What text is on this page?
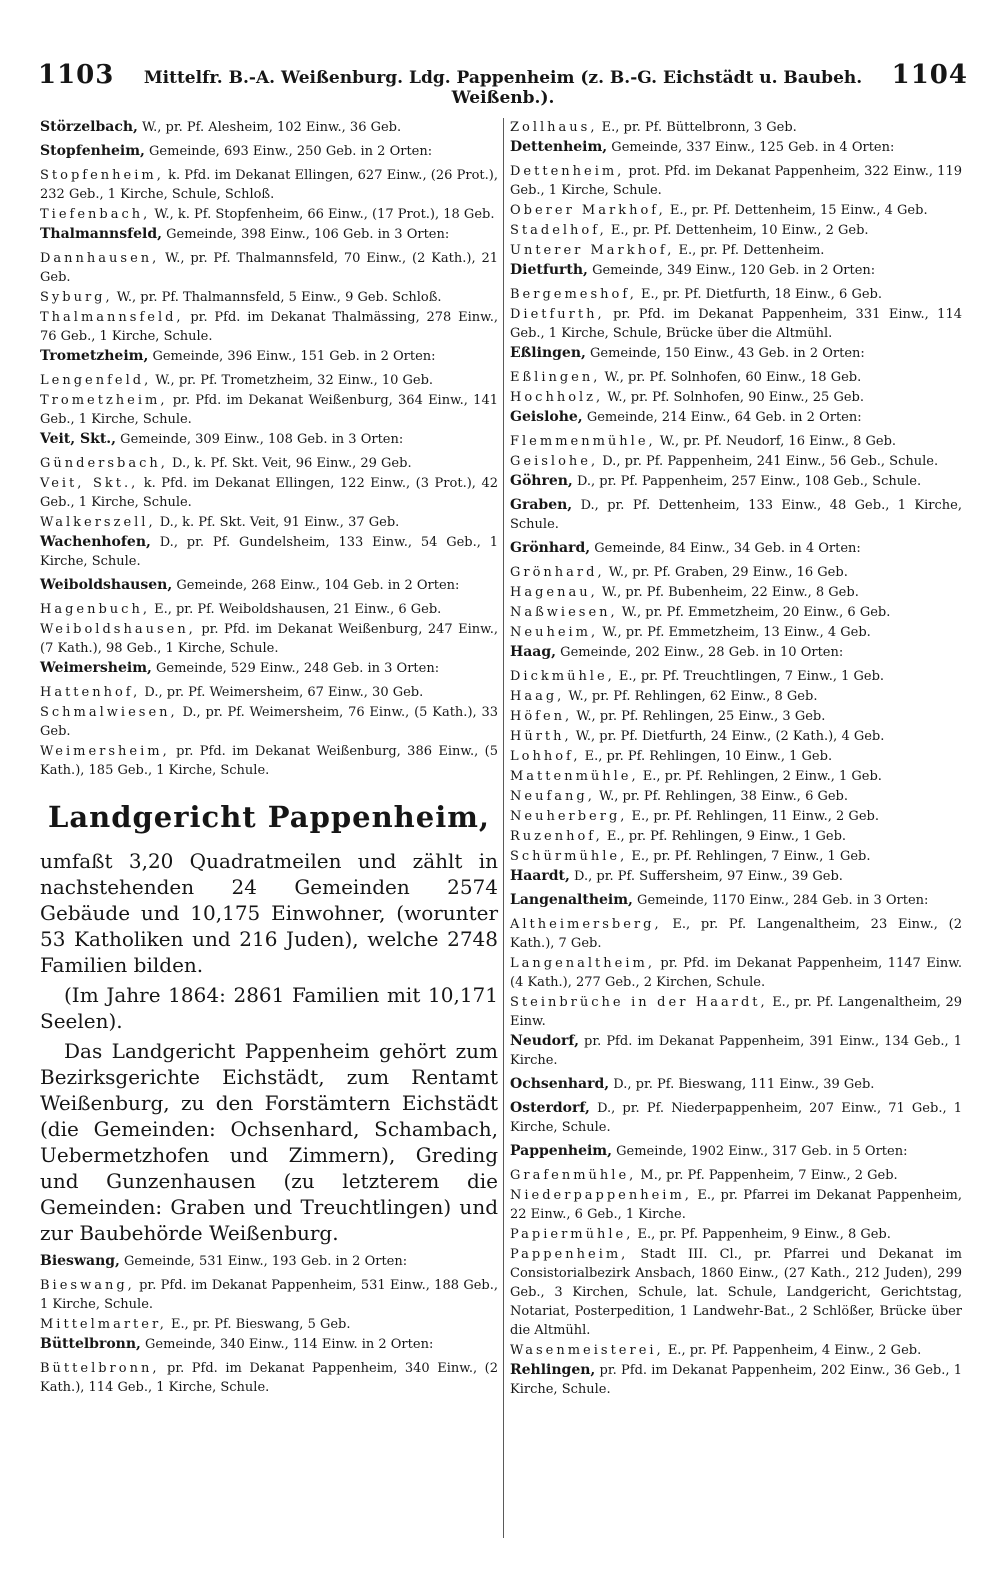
1103	Mittelfr. B.-A. Weißenburg. Ldg. Pappenheim (z. B.-G. Eichstädt u. Baubeh. Weißenb.).
1104

Störzelbach, W., pr. Pf. Alesheim, 102 Einw., 36 Geb.

Stopfenheim, Gemeinde, 693 Einw., 250 Geb. in 2 Orten:

Stopfenheim, k. Pfd. im Dekanat Ellingen, 627 Einw., (26 Prot.), 232 Geb., 1 Kirche, Schule, Schloß.

Tiefenbach, W., k. Pf. Stopfenheim, 66 Einw., (17 Prot.), 18 Geb.

Thalmannsfeld, Gemeinde, 398 Einw., 106 Geb. in 3 Orten:

Dannhausen, W., pr. Pf. Thalmannsfeld, 70 Einw., (2 Kath.), 21 Geb.

Syburg, W., pr. Pf. Thalmannsfeld, 5 Einw., 9 Geb. Schloß.

Thalmannsfeld, pr. Pfd. im Dekanat Thalmässing, 278 Einw., 76 Geb., 1 Kirche, Schule.

Trometzheim, Gemeinde, 396 Einw., 151 Geb. in 2 Orten:

Lengenfeld, W., pr. Pf. Trometzheim, 32 Einw., 10 Geb.

Trometzheim, pr. Pfd. im Dekanat Weißenburg, 364 Einw., 141 Geb., 1 Kirche, Schule.

Veit, Skt., Gemeinde, 309 Einw., 108 Geb. in 3 Orten:

Gündersbach, D., k. Pf. Skt. Veit, 96 Einw., 29 Geb.

Veit, Skt., k. Pfd. im Dekanat Ellingen, 122 Einw., (3 Prot.), 42 Geb., 1 Kirche, Schule.

Walkerszell, D., k. Pf. Skt. Veit, 91 Einw., 37 Geb.

Wachenhofen, D., pr. Pf. Gundelsheim, 133 Einw., 54 Geb., 1 Kirche, Schule.

Weiboldshausen, Gemeinde, 268 Einw., 104 Geb. in 2 Orten:

Hagenbuch, E., pr. Pf. Weiboldshausen, 21 Einw., 6 Geb.

Weiboldshausen, pr. Pfd. im Dekanat Weißenburg, 247 Einw., (7 Kath.), 98 Geb., 1 Kirche, Schule.

Weimersheim, Gemeinde, 529 Einw., 248 Geb. in 3 Orten:

Hattenhof, D., pr. Pf. Weimersheim, 67 Einw., 30 Geb.

Schmalwiesen, D., pr. Pf. Weimersheim, 76 Einw., (5 Kath.), 33 Geb.

Weimersheim, pr. Pfd. im Dekanat Weißenburg, 386 Einw., (5 Kath.), 185 Geb., 1 Kirche, Schule.

Landgericht Pappenheim,

umfaßt 3,20 Quadratmeilen und zählt in nachstehenden 24 Gemeinden 2574 Gebäude und 10,175 Einwohner, (worunter 53 Katholiken und 216 Juden), welche 2748 Familien bilden.

(Im Jahre 1864: 2861 Familien mit 10,171 Seelen).

Das Landgericht Pappenheim gehört zum Bezirksgerichte Eichstädt, zum Rentamt Weißenburg, zu den Forstämtern Eichstädt (die Gemeinden: Ochsenhard, Schambach, Uebermetzhofen und Zimmern), Greding und Gunzenhausen (zu letzterem die Gemeinden: Graben und Treuchtlingen) und zur Baubehörde Weißenburg.

Bieswang, Gemeinde, 531 Einw., 193 Geb. in 2 Orten:

Bieswang, pr. Pfd. im Dekanat Pappenheim, 531 Einw., 188 Geb., 1 Kirche, Schule.

Mittelmarter, E., pr. Pf. Bieswang, 5 Geb.

Büttelbronn, Gemeinde, 340 Einw., 114 Einw. in 2 Orten:

Büttelbronn, pr. Pfd. im Dekanat Pappenheim, 340 Einw., (2 Kath.), 114 Geb., 1 Kirche, Schule.

Zollhaus, E., pr. Pf. Büttelbronn, 3 Geb.

Dettenheim, Gemeinde, 337 Einw., 125 Geb. in 4 Orten:

Dettenheim, prot. Pfd. im Dekanat Pappenheim, 322 Einw., 119 Geb., 1 Kirche, Schule.

Oberer Markhof, E., pr. Pf. Dettenheim, 15 Einw., 4 Geb.

Stadelhof, E., pr. Pf. Dettenheim, 10 Einw., 2 Geb.

Unterer Markhof, E., pr. Pf. Dettenheim.

Dietfurth, Gemeinde, 349 Einw., 120 Geb. in 2 Orten:

Bergemeshof, E., pr. Pf. Dietfurth, 18 Einw., 6 Geb.

Dietfurth, pr. Pfd. im Dekanat Pappenheim, 331 Einw., 114 Geb., 1 Kirche, Schule, Brücke über die Altmühl.

Eßlingen, Gemeinde, 150 Einw., 43 Geb. in 2 Orten:

Eßlingen, W., pr. Pf. Solnhofen, 60 Einw., 18 Geb.

Hochholz, W., pr. Pf. Solnhofen, 90 Einw., 25 Geb.

Geislohe, Gemeinde, 214 Einw., 64 Geb. in 2 Orten:

Flemmenmühle, W., pr. Pf. Neudorf, 16 Einw., 8 Geb.

Geislohe, D., pr. Pf. Pappenheim, 241 Einw., 56 Geb., Schule.

Göhren, D., pr. Pf. Pappenheim, 257 Einw., 108 Geb., Schule.

Graben, D., pr. Pf. Dettenheim, 133 Einw., 48 Geb., 1 Kirche, Schule.

Grönhard, Gemeinde, 84 Einw., 34 Geb. in 4 Orten:

Grönhard, W., pr. Pf. Graben, 29 Einw., 16 Geb.

Hagenau, W., pr. Pf. Bubenheim, 22 Einw., 8 Geb.

Naßwiesen, W., pr. Pf. Emmetzheim, 20 Einw., 6 Geb.

Neuheim, W., pr. Pf. Emmetzheim, 13 Einw., 4 Geb.

Haag, Gemeinde, 202 Einw., 28 Geb. in 10 Orten:

Dickmühle, E., pr. Pf. Treuchtlingen, 7 Einw., 1 Geb.

Haag, W., pr. Pf. Rehlingen, 62 Einw., 8 Geb.

Höfen, W., pr. Pf. Rehlingen, 25 Einw., 3 Geb.

Hürth, W., pr. Pf. Dietfurth, 24 Einw., (2 Kath.), 4 Geb.

Lohhof, E., pr. Pf. Rehlingen, 10 Einw., 1 Geb.

Mattenmühle, E., pr. Pf. Rehlingen, 2 Einw., 1 Geb.

Neufang, W., pr. Pf. Rehlingen, 38 Einw., 6 Geb.

Neuherberg, E., pr. Pf. Rehlingen, 11 Einw., 2 Geb.

Ruzenhof, E., pr. Pf. Rehlingen, 9 Einw., 1 Geb.

Schürmühle, E., pr. Pf. Rehlingen, 7 Einw., 1 Geb.

Haardt, D., pr. Pf. Suffersheim, 97 Einw., 39 Geb.

Langenaltheim, Gemeinde, 1170 Einw., 284 Geb. in 3 Orten:

Altheimersberg, E., pr. Pf. Langenaltheim, 23 Einw., (2 Kath.), 7 Geb.

Langenaltheim, pr. Pfd. im Dekanat Pappenheim, 1147 Einw. (4 Kath.), 277 Geb., 2 Kirchen, Schule.

Steinbrüche in der Haardt, E., pr. Pf. Langenaltheim, 29 Einw.

Neudorf, pr. Pfd. im Dekanat Pappenheim, 391 Einw., 134 Geb., 1 Kirche.

Ochsenhard, D., pr. Pf. Bieswang, 111 Einw., 39 Geb.

Osterdorf, D., pr. Pf. Niederpappenheim, 207 Einw., 71 Geb., 1 Kirche, Schule.

Pappenheim, Gemeinde, 1902 Einw., 317 Geb. in 5 Orten:

Grafenmühle, M., pr. Pf. Pappenheim, 7 Einw., 2 Geb.

Niederpappenheim, E., pr. Pfarrei im Dekanat Pappenheim, 22 Einw., 6 Geb., 1 Kirche.

Papiermühle, E., pr. Pf. Pappenheim, 9 Einw., 8 Geb.

Pappenheim, Stadt III. Cl., pr. Pfarrei und Dekanat im Consistorialbezirk Ansbach, 1860 Einw., (27 Kath., 212 Juden), 299 Geb., 3 Kirchen, Schule, lat. Schule, Landgericht, Gerichtstag, Notariat, Posterpedition, 1 Landwehr-Bat., 2 Schlößer, Brücke über die Altmühl.

Wasenmeisterei, E., pr. Pf. Pappenheim, 4 Einw., 2 Geb.

Rehlingen, pr. Pfd. im Dekanat Pappenheim, 202 Einw., 36 Geb., 1 Kirche, Schule.
